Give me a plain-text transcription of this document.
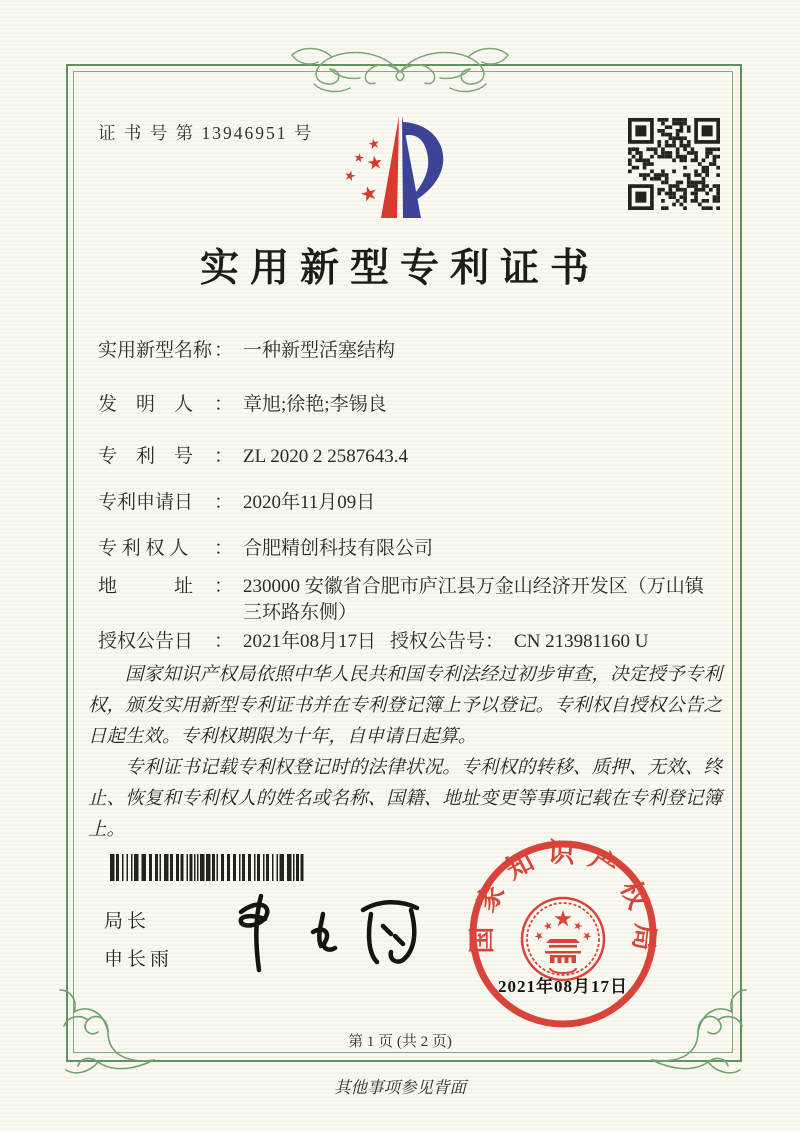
证 书 号 第 13946951 号
实用新型专利证书
实用新型名称 ： 一种新型活塞结构
发　明　人	： 章旭;徐艳;李锡良
专　利　号	： ZL 2020 2 2587643.4
专利申请日	： 2020年11月09日
专 利 权 人	： 合肥精创科技有限公司
地　　　址	： 230000 安徽省合肥市庐江县万金山经济开发区（万山镇三环路东侧）
授权公告日	： 2021年08月17日 授权公告号 ： CN 213981160 U

国家知识产权局依照中华人民共和国专利法经过初步审查，决定授予专利权，颁发实用新型专利证书并在专利登记簿上予以登记。专利权自授权公告之日起生效。专利权期限为十年，自申请日起算。

专利证书记载专利权登记时的法律状况。专利权的转移、质押、无效、终止、恢复和专利权人的姓名或名称、国籍、地址变更等事项记载在专利登记簿上。

局长
申长雨
国家知识产权局
2021年08月17日
第 1 页 (共 2 页)
其他事项参见背面
